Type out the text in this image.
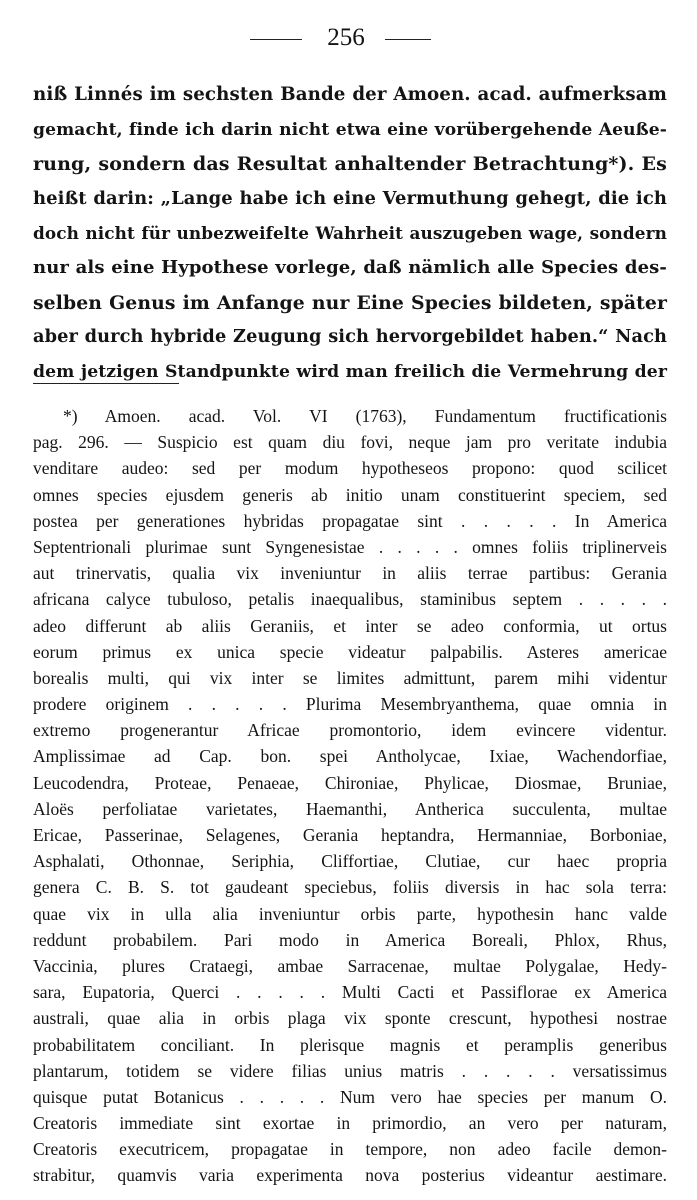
256
niß Linnés im sechsten Bande der Amoen. acad. aufmerksam
gemacht, finde ich darin nicht etwa eine vorübergehende Aeuße-
rung, sondern das Resultat anhaltender Betrachtung*). Es
heißt darin: „Lange habe ich eine Vermuthung gehegt, die ich
doch nicht für unbezweifelte Wahrheit auszugeben wage, sondern
nur als eine Hypothese vorlege, daß nämlich alle Species des-
selben Genus im Anfange nur Eine Species bildeten, später
aber durch hybride Zeugung sich hervorgebildet haben.“ Nach
dem jetzigen Standpunkte wird man freilich die Vermehrung der
*) Amoen. acad. Vol. VI (1763), Fundamentum fructificationis
pag. 296. — Suspicio est quam diu fovi, neque jam pro veritate indubia
venditare audeo: sed per modum hypotheseos propono: quod scilicet
omnes species ejusdem generis ab initio unam constituerint speciem, sed
postea per generationes hybridas propagatae sint . . . . . In America
Septentrionali plurimae sunt Syngenesistae . . . . . omnes foliis triplinerveis
aut trinervatis, qualia vix inveniuntur in aliis terrae partibus: Gerania
africana calyce tubuloso, petalis inaequalibus, staminibus septem . . . . .
adeo differunt ab aliis Geraniis, et inter se adeo conformia, ut ortus
eorum primus ex unica specie videatur palpabilis. Asteres americae
borealis multi, qui vix inter se limites admittunt, parem mihi videntur
prodere originem . . . . . Plurima Mesembryanthema, quae omnia in
extremo progenerantur Africae promontorio, idem evincere videntur.
Amplissimae ad Cap. bon. spei Antholycae, Ixiae, Wachendorfiae,
Leucodendra, Proteae, Penaeae, Chironiae, Phylicae, Diosmae, Bruniae,
Aloës perfoliatae varietates, Haemanthi, Antherica succulenta, multae
Ericae, Passerinae, Selagenes, Gerania heptandra, Hermanniae, Borboniae,
Asphalati, Othonnae, Seriphia, Cliffortiae, Clutiae, cur haec propria
genera C. B. S. tot gaudeant speciebus, foliis diversis in hac sola terra:
quae vix in ulla alia inveniuntur orbis parte, hypothesin hanc valde
reddunt probabilem. Pari modo in America Boreali, Phlox, Rhus,
Vaccinia, plures Crataegi, ambae Sarracenae, multae Polygalae, Hedy-
sara, Eupatoria, Querci . . . . . Multi Cacti et Passiflorae ex America
australi, quae alia in orbis plaga vix sponte crescunt, hypothesi nostrae
probabilitatem conciliant. In plerisque magnis et peramplis generibus
plantarum, totidem se videre filias unius matris . . . . . versatissimus
quisque putat Botanicus . . . . . Num vero hae species per manum O.
Creatoris immediate sint exortae in primordio, an vero per naturam,
Creatoris executricem, propagatae in tempore, non adeo facile demon-
strabitur, quamvis varia experimenta nova posterius videantur aestimare.
